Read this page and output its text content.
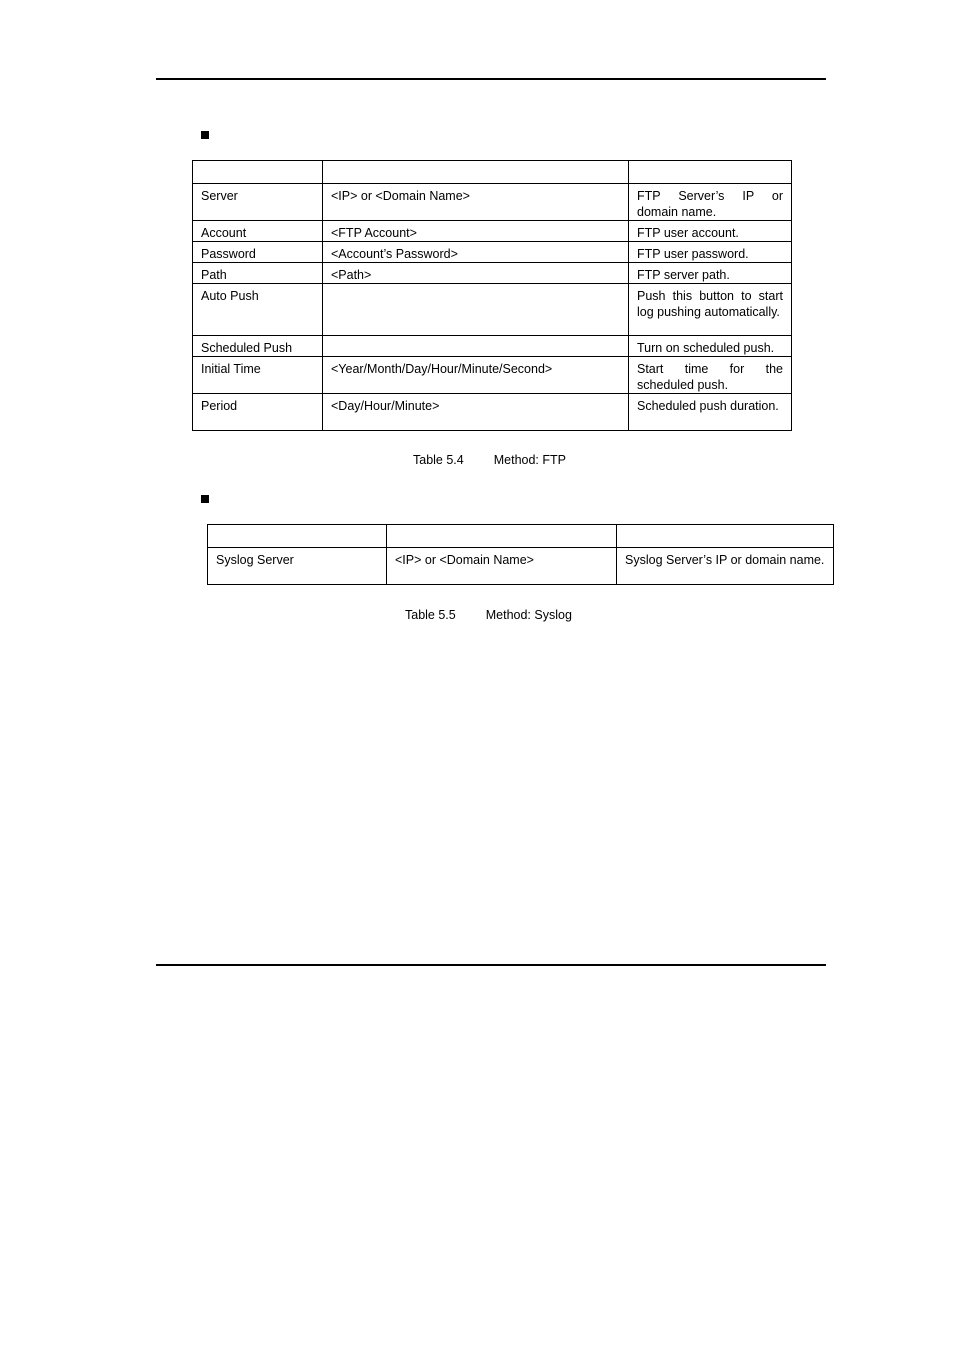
Server	<IP> or <Domain Name>	FTP Server’s IP or domain name.
Account	<FTP Account>	FTP user account.
Password	<Account’s Password>	FTP user password.
Path	<Path>	FTP server path.
Auto Push		Push this button to start log pushing automatically.
Scheduled Push		Turn on scheduled push.
Initial Time	<Year/Month/Day/Hour/Minute/Second>	Start time for the scheduled push.
Period	<Day/Hour/Minute>	Scheduled push duration.
Table 5.4 Method: FTP

Syslog Server	<IP> or <Domain Name>	Syslog Server’s IP or domain name.
Table 5.5 Method: Syslog
